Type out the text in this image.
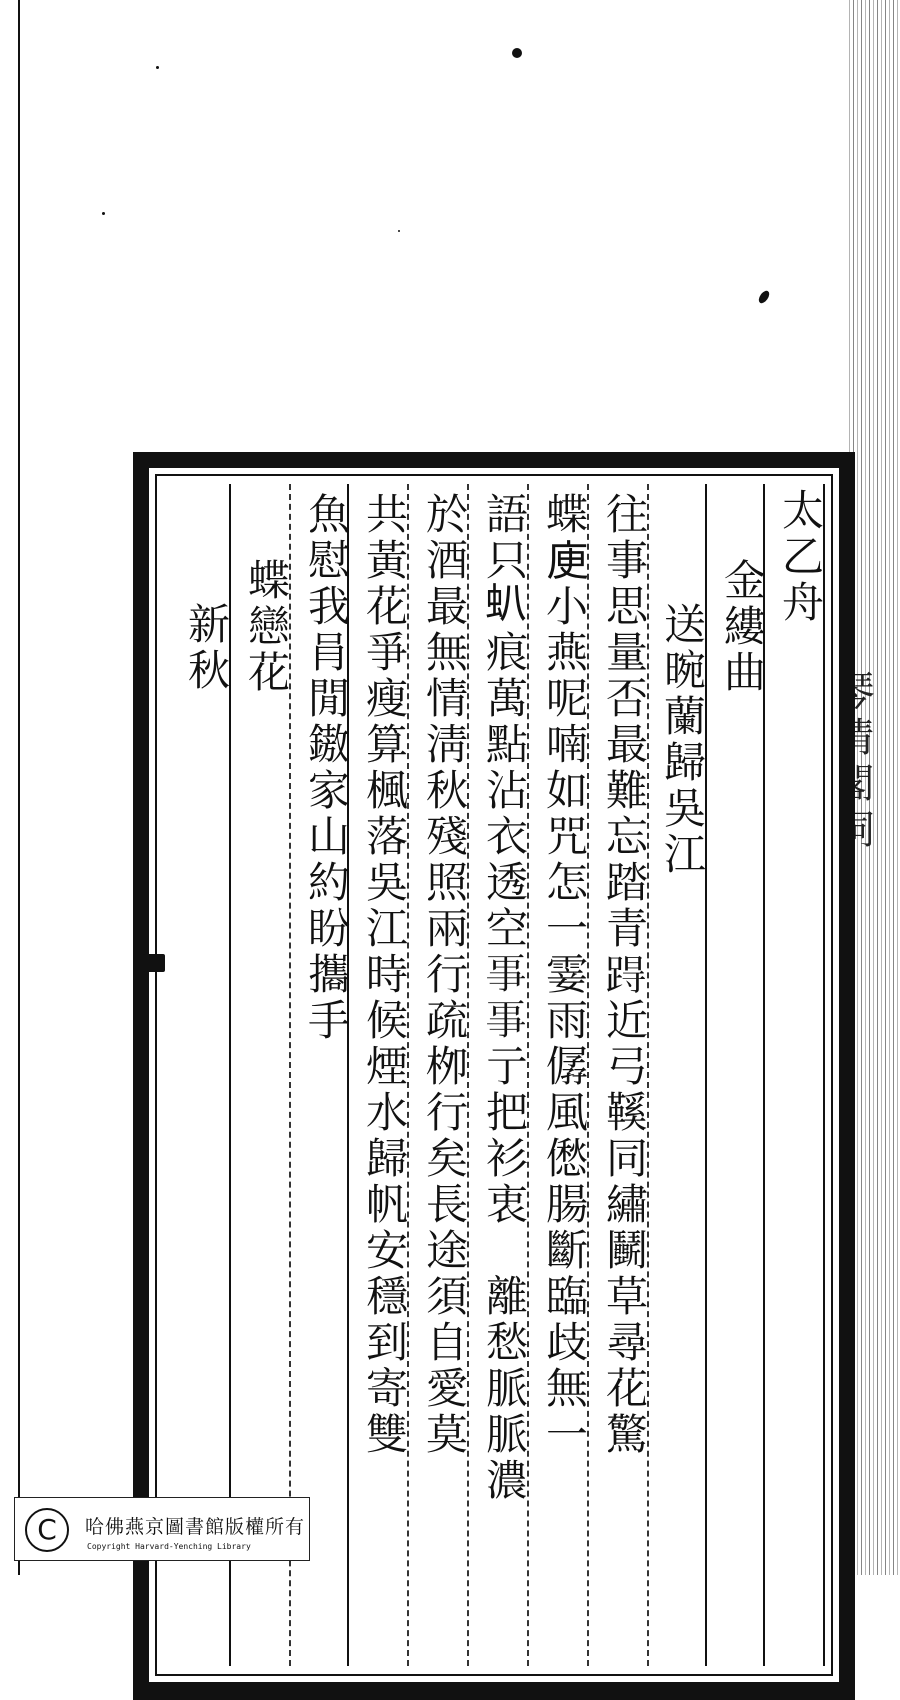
太乙舟
金縷曲
送晼蘭歸吳江
往事思量否最難忘踏青𨁽近弓鞵同繡鬭草尋花驚
蝶𢈔小燕呢喃如咒怎一霎雨僝風僽腸斷臨歧無一
語只𧈢痕萬點沾衣透空𠄙𠄙亍把衫衷　離愁脈脈濃
於酒最無情淸秋殘照兩行疏栁行矣長途須自愛莫
共黃花爭瘦算楓落吳江時候煙水歸帆安穩到寄雙
魚慰我肙閒𨫼家山約盼攜手
蝶戀花
新秋
C	哈佛燕京圖書館版權所有
Copyright Harvard-Yenching Library
